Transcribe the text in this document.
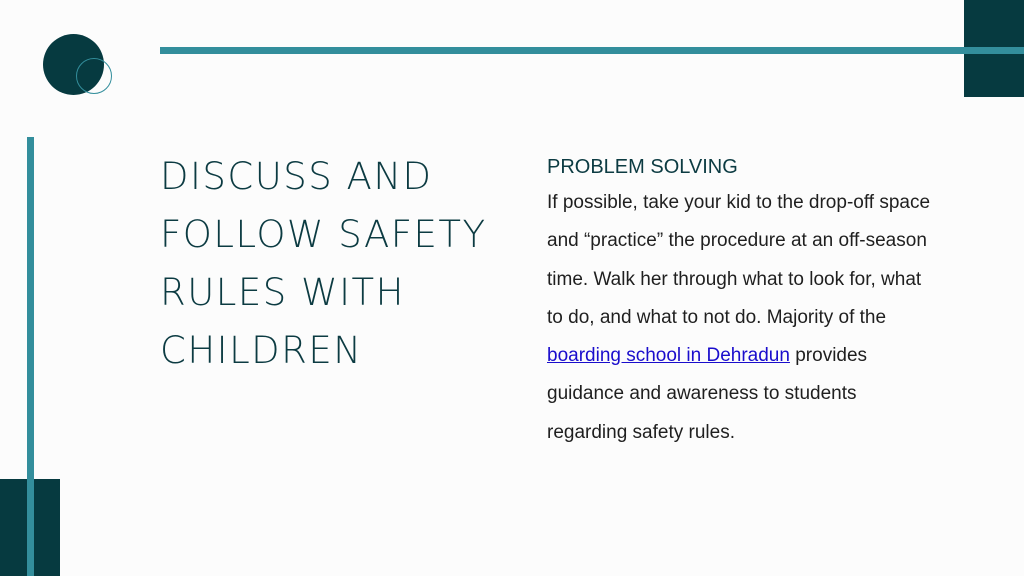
DISCUSS AND
FOLLOW SAFETY
RULES WITH
CHILDREN

PROBLEM SOLVING

If possible, take your kid to the drop-off space
and “practice” the procedure at an off-season
time. Walk her through what to look for, what
to do, and what to not do. Majority of the
boarding school in Dehradun provides
guidance and awareness to students
regarding safety rules.
